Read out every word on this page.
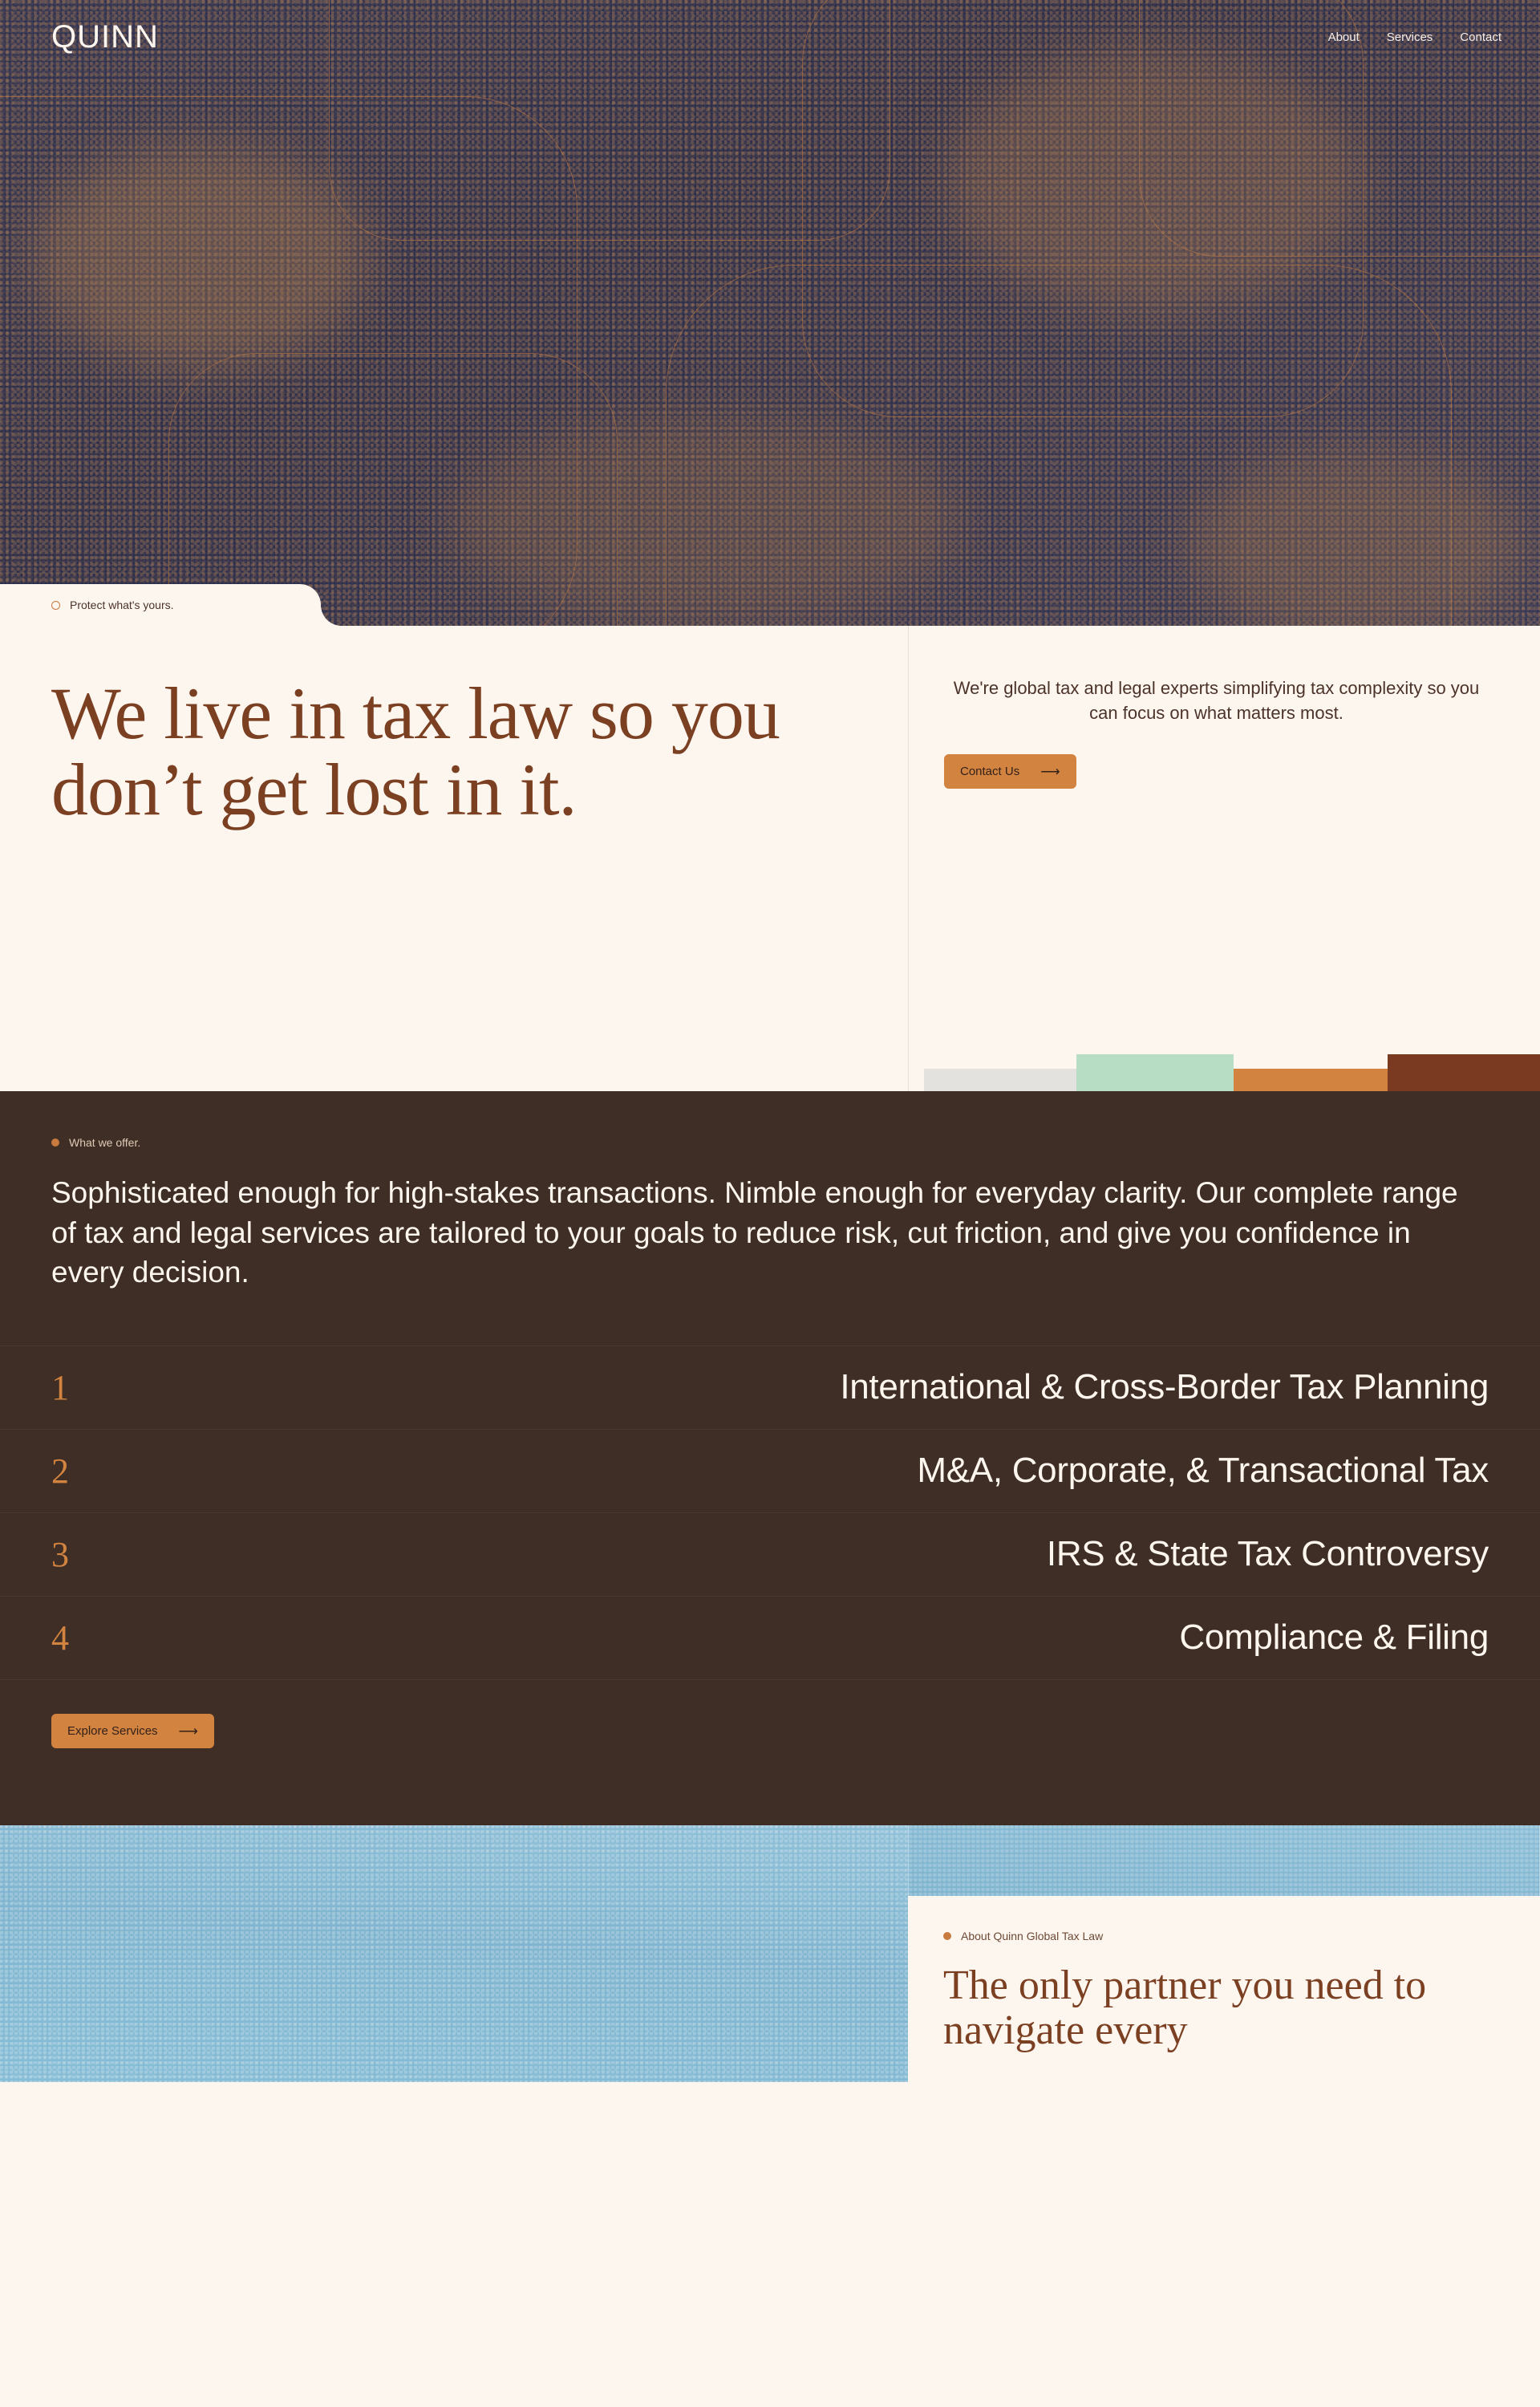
QUINN	About Services Contact
Protect what's yours.
We live in tax law so you don’t get lost in it.

We're global tax and legal experts simplifying tax complexity so you can focus on what matters most.

Contact Us ⟶
What we offer.

Sophisticated enough for high-stakes transactions. Nimble enough for everyday clarity. Our complete range of tax and legal services are tailored to your goals to reduce risk, cut friction, and give you confidence in every decision.

1	International & Cross-Border Tax Planning
2	M&A, Corporate, & Transactional Tax
3	IRS & State Tax Controversy
4	Compliance & Filing
Explore Services ⟶
About Quinn Global Tax Law
The only partner you need to navigate every
